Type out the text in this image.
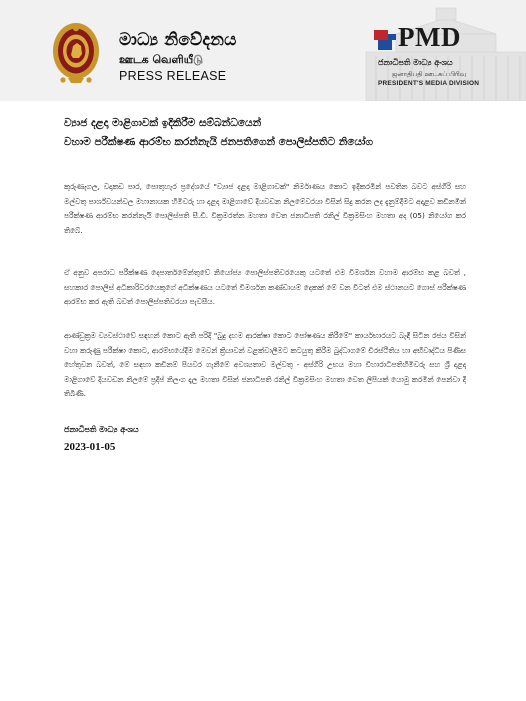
මාධ්‍ය නිවේදනය
ஊடக வெளியீடு
PRESS RELEASE
PMD
ජනාධිපති මාධ්‍ය අංශය
ஜனாதிபதி ஊடகப் பிரிவு
PRESIDENT'S MEDIA DIVISION
ව්‍යාජ දළදා මාළිගාවක් ඉදිකිරීම සම්බන්ධයෙන්
වහාම පරීක්ෂණ ආරම්භ කරන්නැයි ජනපතිගෙන් පොලිස්පතිට නියෝග

කුරුණෑගල, වදාකඩ පාර, පොතුහැර ප්‍රදේශයේ "ව්‍යාජ දළදා මාළිගාවක්" නිර්මාණය කොට ඉදිකරමින් පවතින බවට අස්ගිරි සහ මල්වතු පාර්ශ්වයන්වල මහානායක හිමිවරු හා දළදා මාළිගාවේ දියවඩන නිලමේවරයා විසින් සිදු කරන ලද දැනුම්දීමට අදාළව කඩිනමින් පරීක්ෂණ ආරම්භ කරන්නැයි පොලිස්පති සී.ඩී. වික්‍රමරත්න මහතා වෙත ජනාධිපති රනිල් වික්‍රමසිංහ මහතා අද (05) නියෝග කර තිබේ.

ඒ අනුව අපරාධ පරීක්ෂණ දෙපාර්තමේන්තුවේ නියෝජ්‍ය පොලිස්පතිවරයෙකු යටතේ එම විමර්ශන වහාම ආරම්භ කළ බවත් , සහකාර පොලිස් අධිකාරිවරයෙකුගේ අධීක්ෂණය යටතේ විමර්ශන කණ්ඩායම් දෙකක් මේ වන විටත් එම ස්ථානයට ගොස් පරීක්ෂණ ආරම්භ කර ඇති බවත් පොලිස්පතිවරයා පැවසීය.

ආණ්ඩුක්‍රම ව්‍යවස්ථාවේ සඳහන් කොට ඇති පරිදි "බුදු දහම ආරක්ෂා කොට පෝෂණය කිරීමේ" කාර්යභාරයට බැඳී සිටින රජය විසින් වහා කරුණු පරීක්ෂා කොට, ආරම්භයේදීම මෙවන් ක්‍රියාවන් වළක්වාලීමට කටයුතු කිරීම බුද්ධාගමේ චිරස්ථිතිය හා අභිවෘද්ධිය පිණිස හේතුවන බවත්, මේ සඳහා කඩිනම් පියවර ගැනීමේ අවශ්‍යතාව මල්වතු - අස්ගිරි උභය මහා විහාරාධිපතිහිමිවරු සහ ශ්‍රී දළදා මාළිගාවේ දියවඩන නිලමේ ප්‍රදීප් නිලංග දෑල මහතා විසින් ජනාධිපති රනිල් වික්‍රමසිංහ මහතා වෙත ලිපියක් යොමු කරමින් පෙන්වා දී තිබිණි.

ජනාධිපති මාධ්‍ය අංශය
2023-01-05
